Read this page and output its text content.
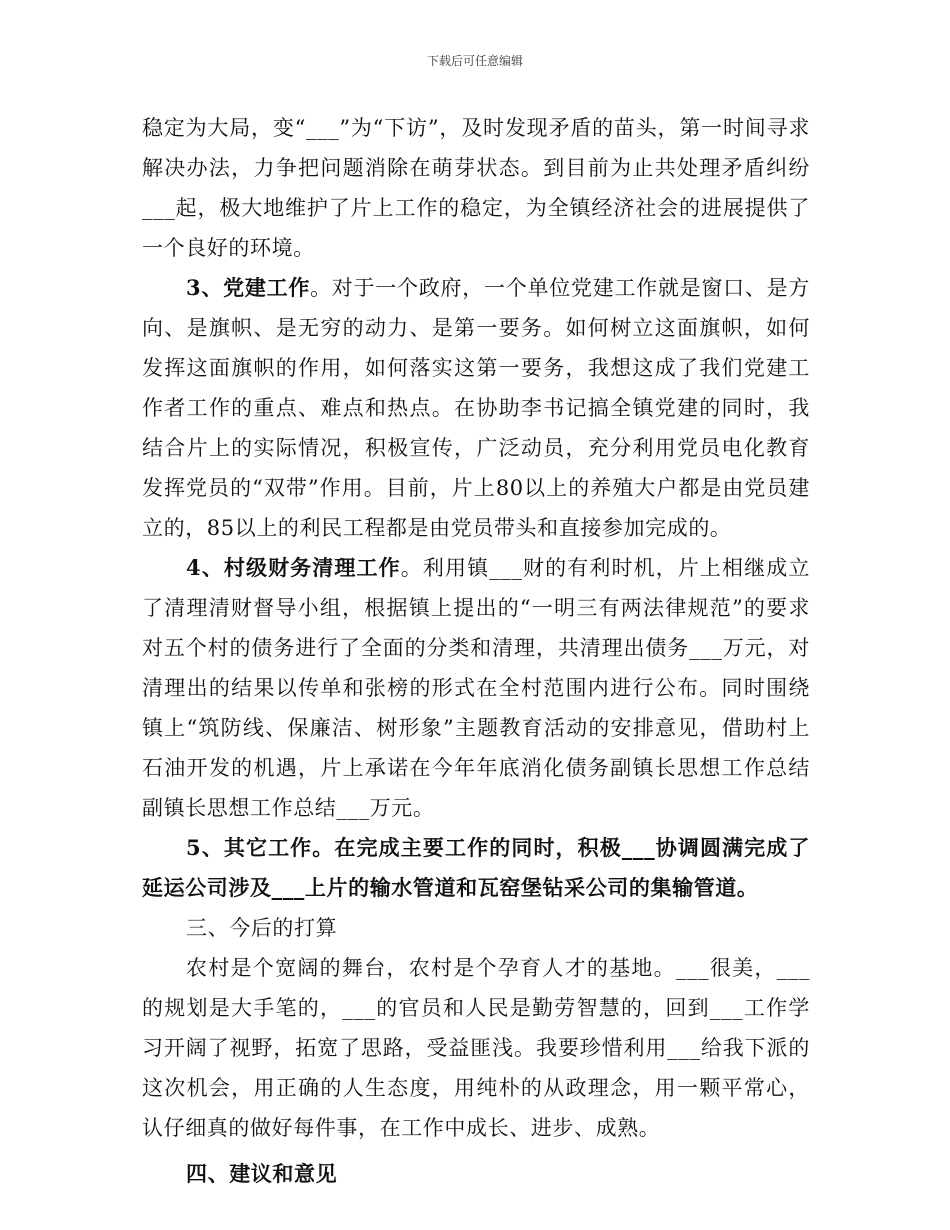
下载后可任意编辑

稳定为大局，变“___”为“下访”，及时发现矛盾的苗头，第一时间寻求解决办法，力争把问题消除在萌芽状态。到目前为止共处理矛盾纠纷___起，极大地维护了片上工作的稳定，为全镇经济社会的进展提供了一个良好的环境。

3、党建工作。对于一个政府，一个单位党建工作就是窗口、是方向、是旗帜、是无穷的动力、是第一要务。如何树立这面旗帜，如何发挥这面旗帜的作用，如何落实这第一要务，我想这成了我们党建工作者工作的重点、难点和热点。在协助李书记搞全镇党建的同时，我结合片上的实际情况，积极宣传，广泛动员，充分利用党员电化教育发挥党员的“双带”作用。目前，片上80以上的养殖大户都是由党员建立的，85以上的利民工程都是由党员带头和直接参加完成的。

4、村级财务清理工作。利用镇___财的有利时机，片上相继成立了清理清财督导小组，根据镇上提出的“一明三有两法律规范”的要求对五个村的债务进行了全面的分类和清理，共清理出债务___万元，对清理出的结果以传单和张榜的形式在全村范围内进行公布。同时围绕镇上“筑防线、保廉洁、树形象”主题教育活动的安排意见，借助村上石油开发的机遇，片上承诺在今年年底消化债务副镇长思想工作总结副镇长思想工作总结___万元。

5、其它工作。在完成主要工作的同时，积极___协调圆满完成了延运公司涉及___上片的输水管道和瓦窑堡钻采公司的集输管道。

三、今后的打算

农村是个宽阔的舞台，农村是个孕育人才的基地。___很美，___的规划是大手笔的，___的官员和人民是勤劳智慧的，回到___工作学习开阔了视野，拓宽了思路，受益匪浅。我要珍惜利用___给我下派的这次机会，用正确的人生态度，用纯朴的从政理念，用一颗平常心，认仔细真的做好每件事，在工作中成长、进步、成熟。

四、建议和意见
